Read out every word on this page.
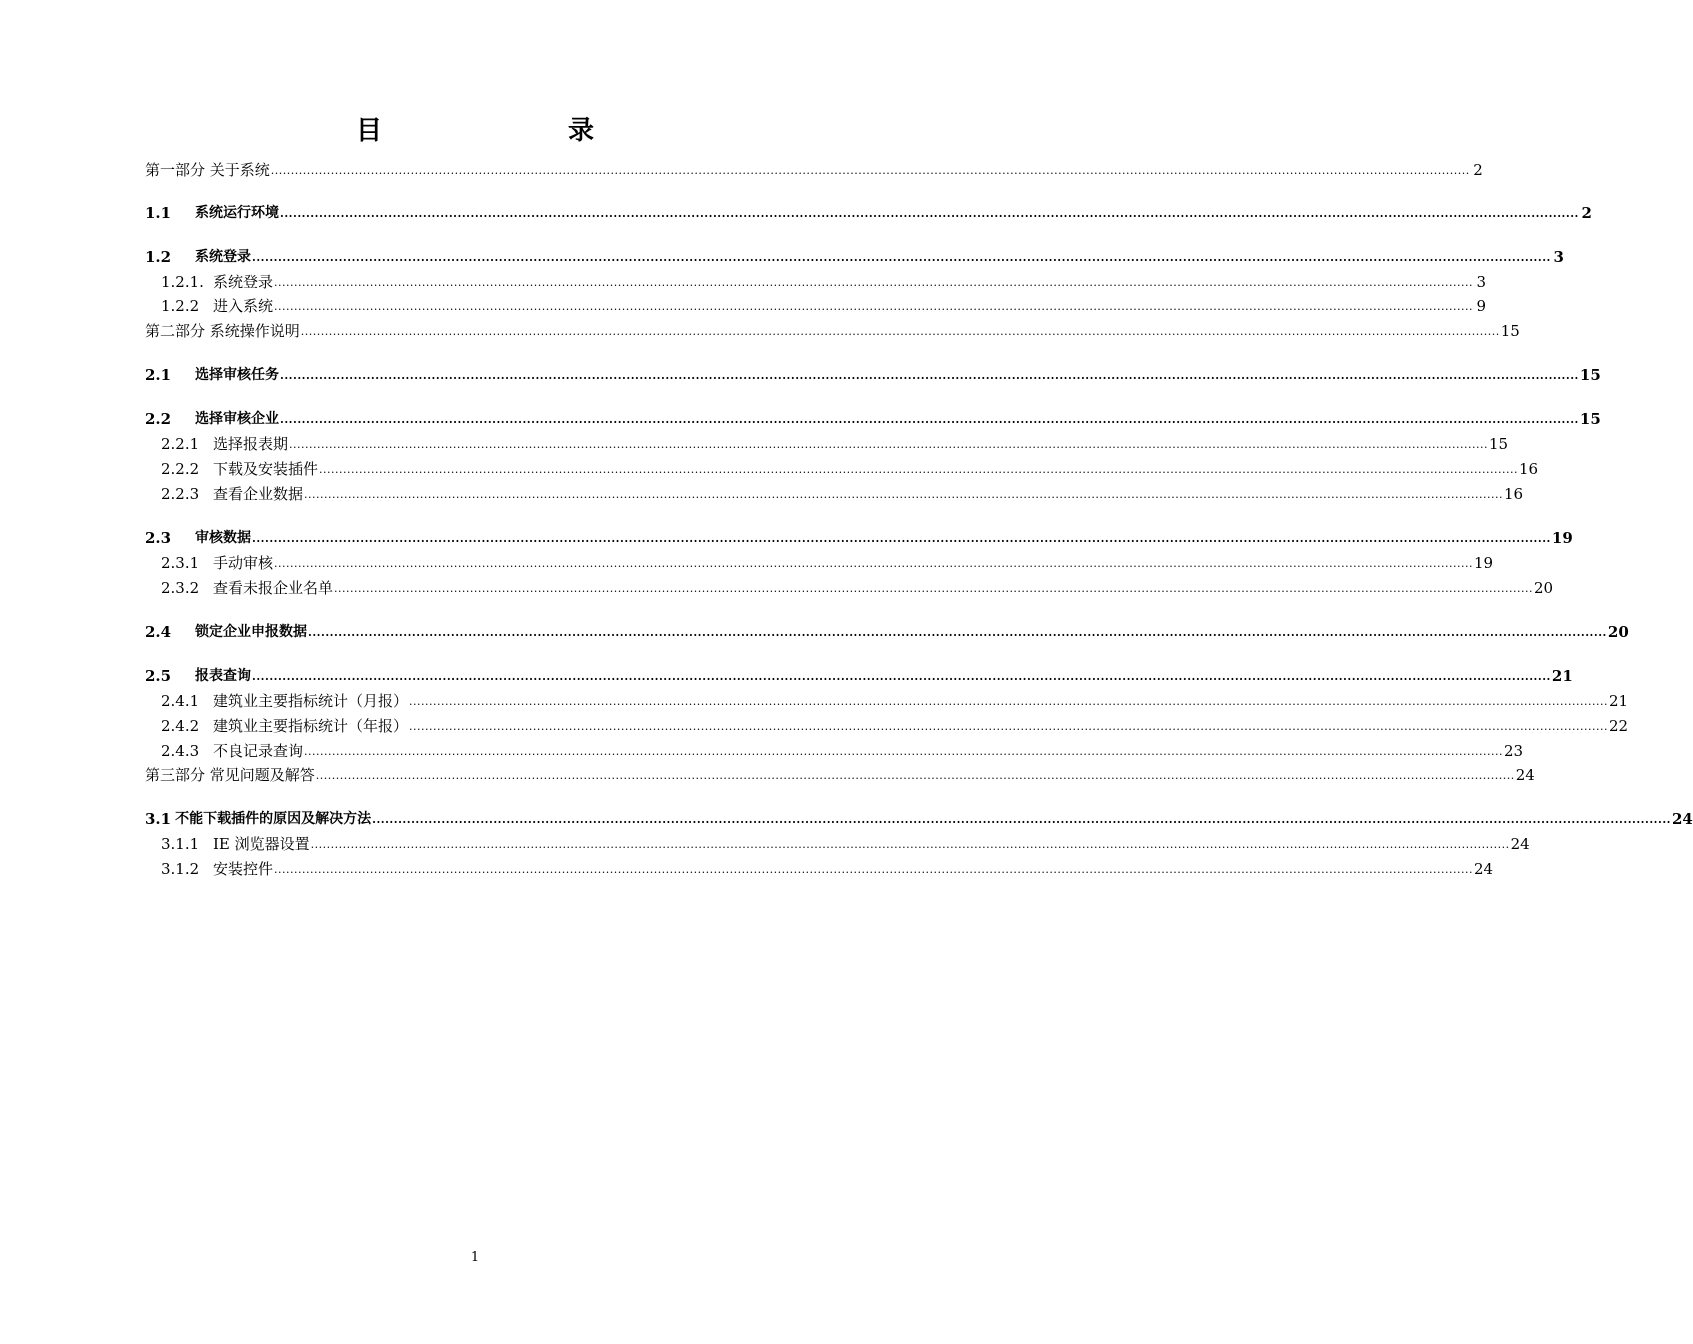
目　录
第一部分 关于系统 ............................................................................................................................................................................................................................................................................................................ 2
1.1	系统运行环境 ............................................................................................................................................................................................................................................................................................................ 2
1.2	系统登录 ............................................................................................................................................................................................................................................................................................................ 3
1.2.1. 系统登录 ............................................................................................................................................................................................................................................................................................................ 3
1.2.2 进入系统 ............................................................................................................................................................................................................................................................................................................ 9
第二部分 系统操作说明 ............................................................................................................................................................................................................................................................................................................ 15
2.1	选择审核任务 ............................................................................................................................................................................................................................................................................................................ 15
2.2	选择审核企业 ............................................................................................................................................................................................................................................................................................................ 15
2.2.1 选择报表期 ............................................................................................................................................................................................................................................................................................................ 15
2.2.2 下载及安装插件 ............................................................................................................................................................................................................................................................................................................ 16
2.2.3 查看企业数据 ............................................................................................................................................................................................................................................................................................................ 16
2.3	审核数据 ............................................................................................................................................................................................................................................................................................................ 19
2.3.1 手动审核 ............................................................................................................................................................................................................................................................................................................ 19
2.3.2 查看未报企业名单 ............................................................................................................................................................................................................................................................................................................ 20
2.4	锁定企业申报数据 ............................................................................................................................................................................................................................................................................................................ 20
2.5	报表查询 ............................................................................................................................................................................................................................................................................................................ 21
2.4.1 建筑业主要指标统计（月报） ............................................................................................................................................................................................................................................................................................................ 21
2.4.2 建筑业主要指标统计（年报） ............................................................................................................................................................................................................................................................................................................ 22
2.4.3 不良记录查询 ............................................................................................................................................................................................................................................................................................................ 23
第三部分 常见问题及解答 ............................................................................................................................................................................................................................................................................................................ 24
3.1 不能下载插件的原因及解决方法 ............................................................................................................................................................................................................................................................................................................ 24
3.1.1 IE 浏览器设置 ............................................................................................................................................................................................................................................................................................................ 24
3.1.2 安装控件 ............................................................................................................................................................................................................................................................................................................ 24
1
